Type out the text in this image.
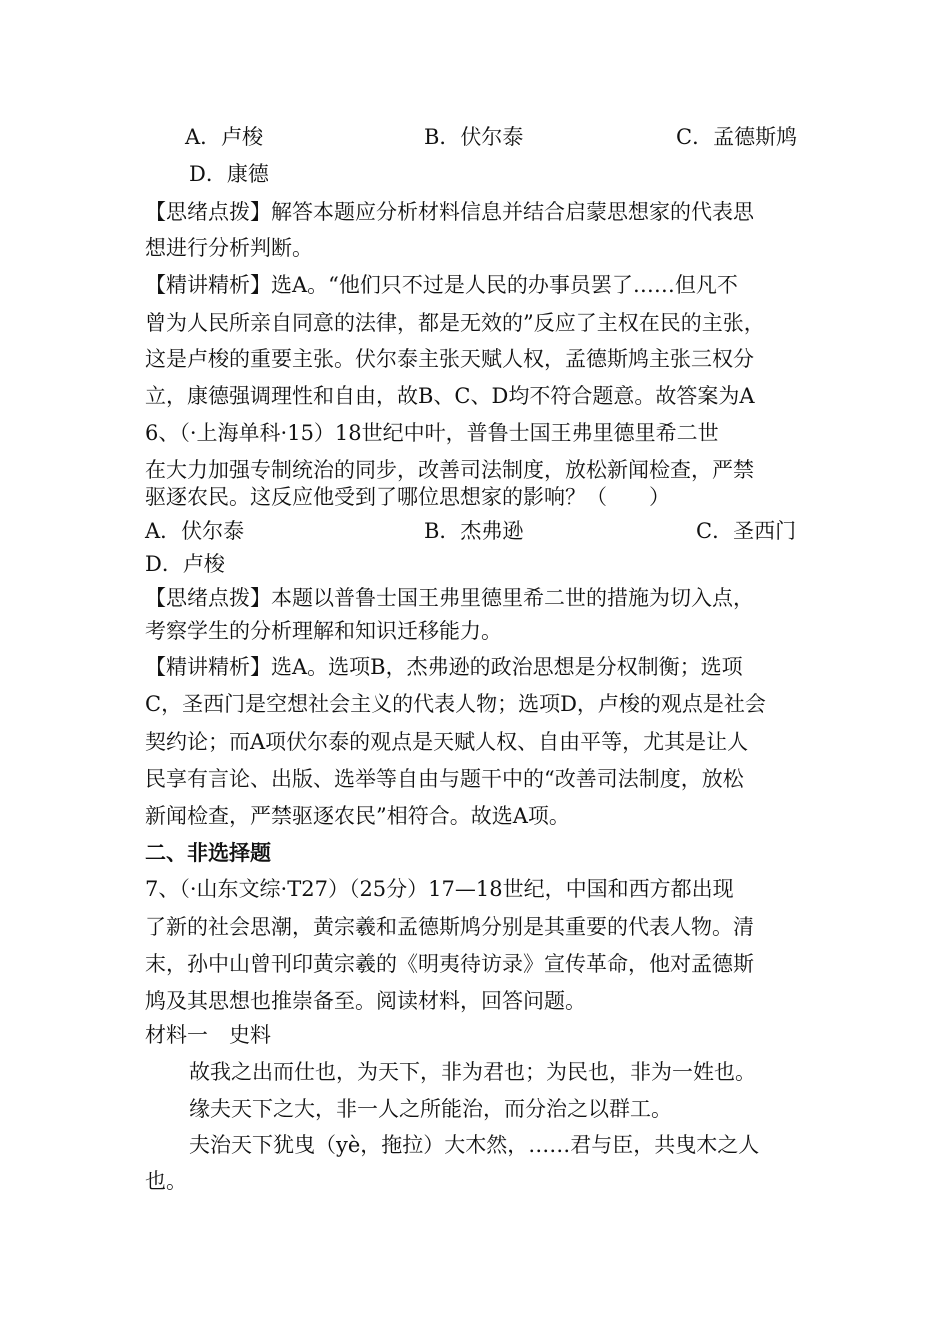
A．卢梭	B．伏尔泰	C．孟德斯鸠
D．康德
【思绪点拨】解答本题应分析材料信息并结合启蒙思想家的代表思
想进行分析判断。
【精讲精析】选A。“他们只不过是人民的办事员罢了……但凡不
曾为人民所亲自同意的法律，都是无效的”反应了主权在民的主张，
这是卢梭的重要主张。伏尔泰主张天赋人权，孟德斯鸠主张三权分
立，康德强调理性和自由，故B、C、D均不符合题意。故答案为A
6、（·上海单科·15）18世纪中叶，普鲁士国王弗里德里希二世
在大力加强专制统治的同步，改善司法制度，放松新闻检查，严禁
驱逐农民。这反应他受到了哪位思想家的影响？（　　）
A．伏尔泰	B．杰弗逊	C．圣西门
D．卢梭
【思绪点拨】本题以普鲁士国王弗里德里希二世的措施为切入点，
考察学生的分析理解和知识迁移能力。
【精讲精析】选A。选项B，杰弗逊的政治思想是分权制衡；选项
C，圣西门是空想社会主义的代表人物；选项D，卢梭的观点是社会
契约论；而A项伏尔泰的观点是天赋人权、自由平等，尤其是让人
民享有言论、出版、选举等自由与题干中的“改善司法制度，放松
新闻检查，严禁驱逐农民”相符合。故选A项。
二、非选择题
7、（·山东文综·T27）（25分）17—18世纪，中国和西方都出现
了新的社会思潮，黄宗羲和孟德斯鸠分别是其重要的代表人物。清
末，孙中山曾刊印黄宗羲的《明夷待访录》宣传革命，他对孟德斯
鸠及其思想也推崇备至。阅读材料，回答问题。
材料一　史料
故我之出而仕也，为天下，非为君也；为民也，非为一姓也。
缘夫天下之大，非一人之所能治，而分治之以群工。
夫治天下犹曳（yè，拖拉）大木然，……君与臣，共曳木之人
也。
